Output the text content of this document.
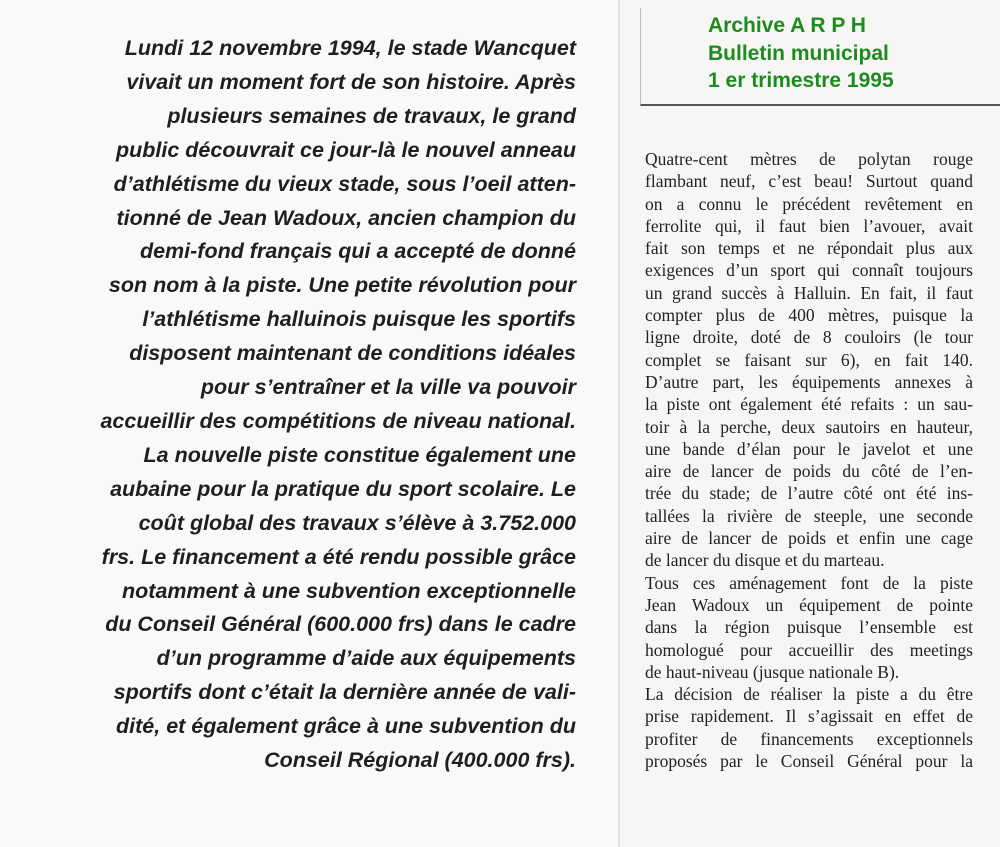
Lundi 12 novembre 1994, le stade Wancquet
vivait un moment fort de son histoire. Après
plusieurs semaines de travaux, le grand
public découvrait ce jour-là le nouvel anneau
d’athlétisme du vieux stade, sous l’oeil atten-
tionné de Jean Wadoux, ancien champion du
demi-fond français qui a accepté de donné
son nom à la piste. Une petite révolution pour
l’athlétisme halluinois puisque les sportifs
disposent maintenant de conditions idéales
pour s’entraîner et la ville va pouvoir
accueillir des compétitions de niveau national.
La nouvelle piste constitue également une
aubaine pour la pratique du sport scolaire. Le
coût global des travaux s’élève à 3.752.000
frs. Le financement a été rendu possible grâce
notamment à une subvention exceptionnelle
du Conseil Général (600.000 frs) dans le cadre
d’un programme d’aide aux équipements
sportifs dont c’était la dernière année de vali-
dité, et également grâce à une subvention du
Conseil Régional (400.000 frs).
Archive A R P H
Bulletin municipal
1 er trimestre 1995
Quatre-cent mètres de polytan rouge
flambant neuf, c’est beau! Surtout quand
on a connu le précédent revêtement en
ferrolite qui, il faut bien l’avouer, avait
fait son temps et ne répondait plus aux
exigences d’un sport qui connaît toujours
un grand succès à Halluin. En fait, il faut
compter plus de 400 mètres, puisque la
ligne droite, doté de 8 couloirs (le tour
complet se faisant sur 6), en fait 140.
D’autre part, les équipements annexes à
la piste ont également été refaits : un sau-
toir à la perche, deux sautoirs en hauteur,
une bande d’élan pour le javelot et une
aire de lancer de poids du côté de l’en-
trée du stade; de l’autre côté ont été ins-
tallées la rivière de steeple, une seconde
aire de lancer de poids et enfin une cage
de lancer du disque et du marteau.
Tous ces aménagement font de la piste
Jean Wadoux un équipement de pointe
dans la région puisque l’ensemble est
homologué pour accueillir des meetings
de haut-niveau (jusque nationale B).
La décision de réaliser la piste a du être
prise rapidement. Il s’agissait en effet de
profiter de financements exceptionnels
proposés par le Conseil Général pour la
